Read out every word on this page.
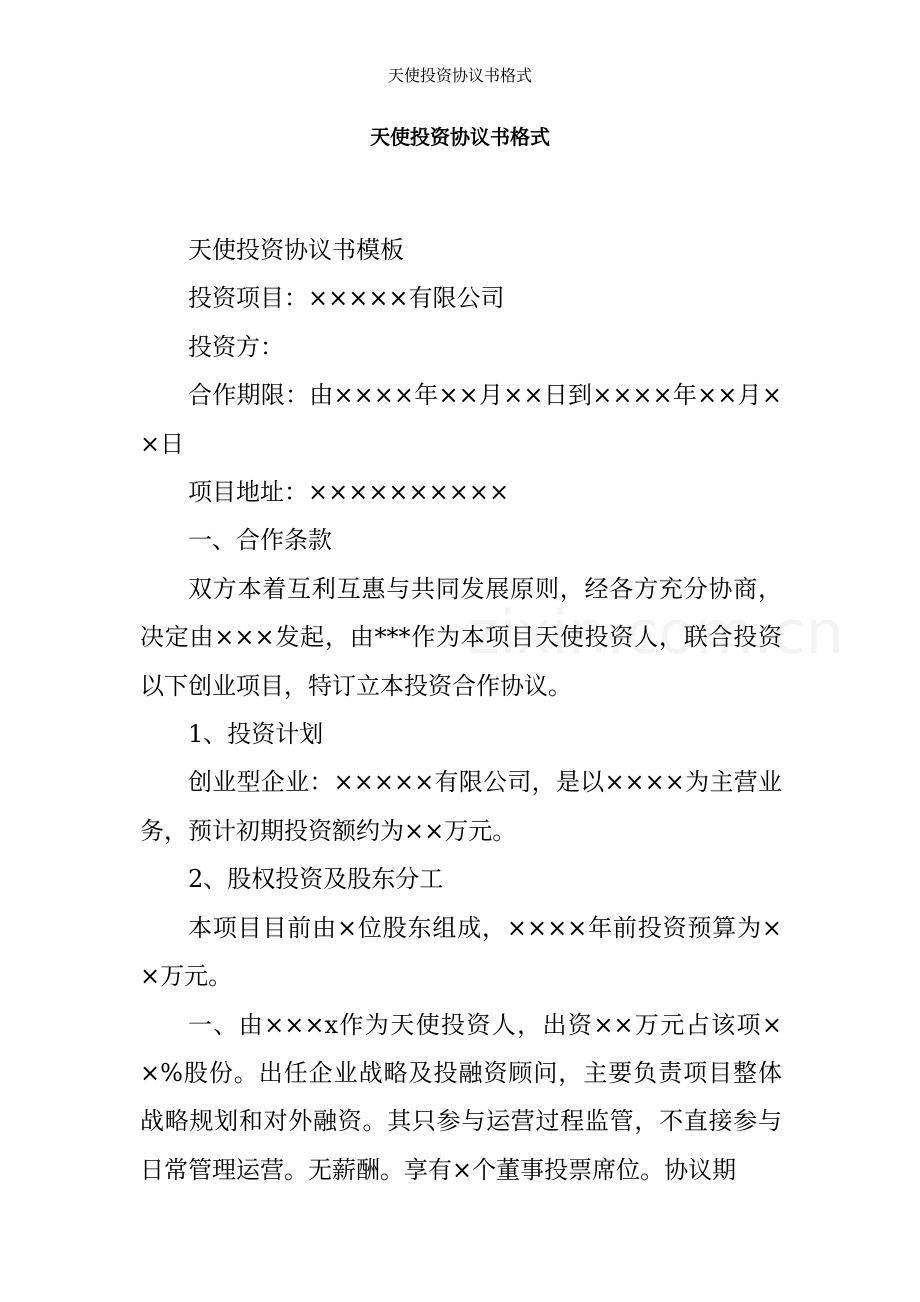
天使投资协议书格式
天使投资协议书格式

天使投资协议书模板

投资项目：×××××有限公司

投资方：

合作期限：由××××年××月××日到××××年××月××日

项目地址：××××××××××

一、合作条款

双方本着互利互惠与共同发展原则，经各方充分协商，决定由×××发起，由***作为本项目天使投资人，联合投资以下创业项目，特订立本投资合作协议。

1、投资计划

创业型企业：×××××有限公司，是以××××为主营业务，预计初期投资额约为××万元。

2、股权投资及股东分工

本项目目前由×位股东组成，××××年前投资预算为××万元。

一、由×××x作为天使投资人，出资××万元占该项××%股份。出任企业战略及投融资顾问，主要负责项目整体战略规划和对外融资。其只参与运营过程监管，不直接参与日常管理运营。无薪酬。享有×个董事投票席位。协议期
